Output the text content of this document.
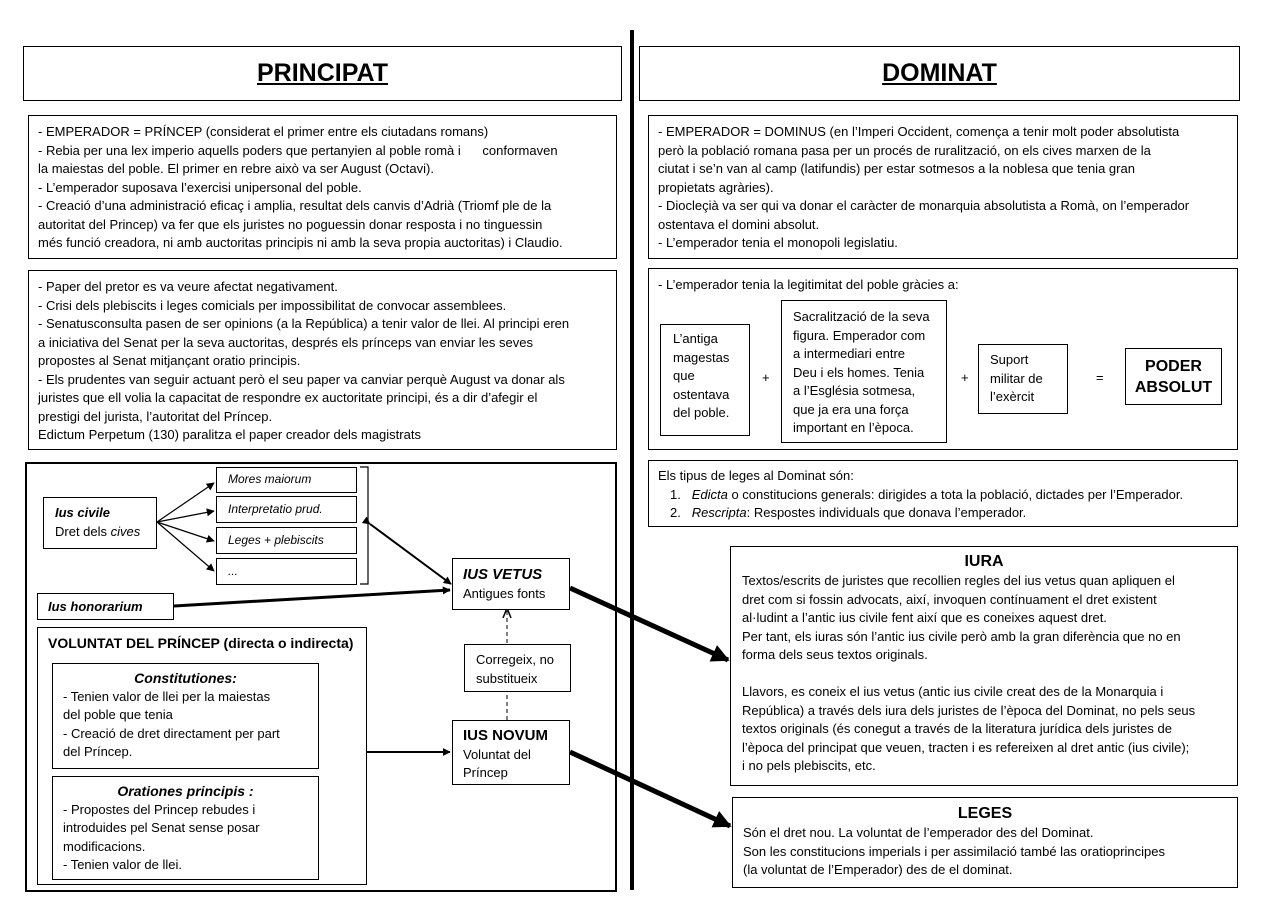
PRINCIPAT

- EMPERADOR = PRÍNCEP (considerat el primer entre els ciutadans romans)

- Rebia per una lex imperio aquells poders que pertanyien al poble romà i      conformaven

la maiestas del poble. El primer en rebre això va ser August (Octavi).

- L’emperador suposava l’exercisi unipersonal del poble.

- Creació d’una administració eficaç i amplia, resultat dels canvis d’Adrià (Triomf ple de la

autoritat del Princep) va fer que els juristes no poguessin donar resposta i no tinguessin

més funció creadora, ni amb auctoritas principis ni amb la seva propia auctoritas) i Claudio.

- Paper del pretor es va veure afectat negativament.

- Crisi dels plebiscits i leges comicials per impossibilitat de convocar assemblees.

- Senatusconsulta pasen de ser opinions (a la República) a tenir valor de llei. Al principi eren

a iniciativa del Senat per la seva auctoritas, després els prínceps van enviar les seves

propostes al Senat mitjançant oratio principis.

- Els prudentes van seguir actuant però el seu paper va canviar perquè August va donar als

juristes que ell volia la capacitat de respondre ex auctoritate principi, és a dir d’afegir el

prestigi del jurista, l’autoritat del Príncep.

Edictum Perpetum (130) paralitza el paper creador dels magistrats

Ius civile
Dret dels cives
Mores maiorum
Interpretatio prud.
Leges + plebiscits
...
Ius honorarium
VOLUNTAT DEL PRÍNCEP (directa o indirecta)
Constitutiones:

- Tenien valor de llei per la maiestas

del poble que tenia

- Creació de dret directament per part

del Príncep.

Orationes principis :

- Propostes del Princep rebudes i

introduides pel Senat sense posar

modificacions.

- Tenien valor de llei.

IUS VETUS
Antigues fonts

Corregeix, no

substitueix

IUS NOVUM

Voluntat del

Príncep

DOMINAT

- EMPERADOR = DOMINUS (en l’Imperi Occident, comença a tenir molt poder absolutista

però la població romana pasa per un procés de ruralització, on els cives marxen de la

ciutat i se’n van al camp (latifundis) per estar sotmesos a la noblesa que tenia gran

propietats agràries).

- Diocleçià va ser qui va donar el caràcter de monarquia absolutista a Romà, on l’emperador

ostentava el domini absolut.

- L’emperador tenia el monopoli legislatiu.

- L’emperador tenia la legitimitat del poble gràcies a:

L’antiga

magestas

que

ostentava

del poble.

+

Sacralització de la seva

figura. Emperador com

a intermediari entre

Deu i els homes. Tenia

a l’Església sotmesa,

que ja era una força

important en l’època.

+

Suport

militar de

l’exèrcit

=
PODER
ABSOLUT

Els tipus de leges al Dominat són:

1. Edicta o constitucions generals: dirigides a tota la població, dictades per l’Emperador.

2. Rescripta: Respostes individuals que donava l’emperador.

IURA

Textos/escrits de juristes que recollien regles del ius vetus quan apliquen el

dret com si fossin advocats, així, invoquen contínuament el dret existent

al·ludint a l’antic ius civile fent així que es coneixes aquest dret.

Per tant, els iuras són l’antic ius civile però amb la gran diferència que no en

forma dels seus textos originals.

Llavors, es coneix el ius vetus (antic ius civile creat des de la Monarquia i

República) a través dels iura dels juristes de l’època del Dominat, no pels seus

textos originals (és conegut a través de la literatura jurídica dels juristes de

l’època del principat que veuen, tracten i es refereixen al dret antic (ius civile);

i no pels plebiscits, etc.

LEGES

Són el dret nou. La voluntat de l’emperador des del Dominat.

Son les constitucions imperials i per assimilació també las oratioprincipes

(la voluntat de l’Emperador) des de el dominat.
